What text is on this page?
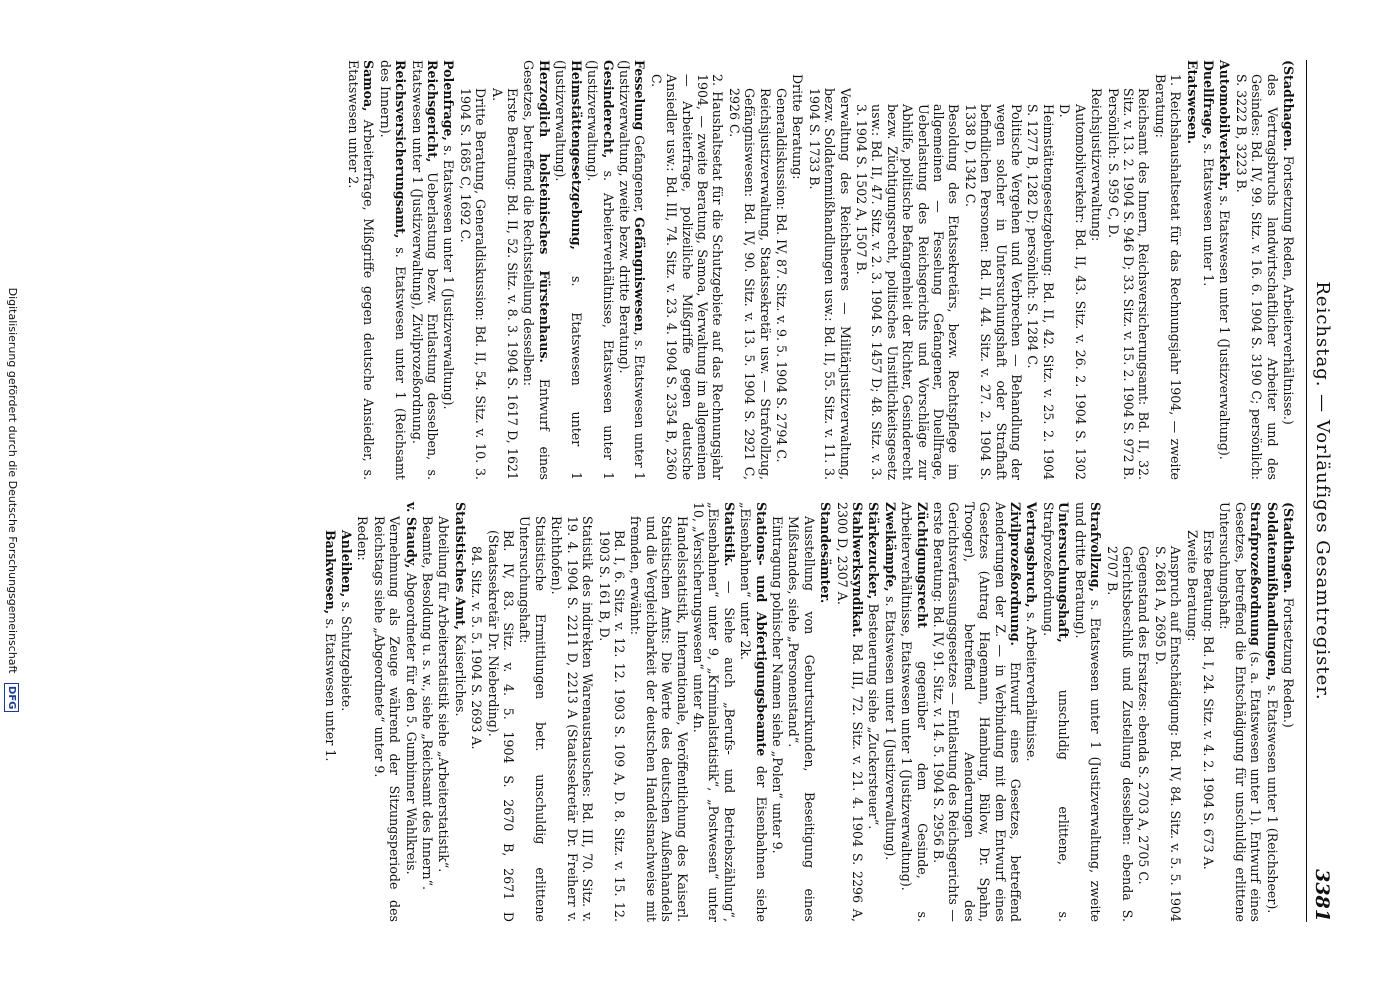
Reichstag. — Vorläufiges Gesamtregister.
3381
(Stadthagen. Fortsetzung Reden, Arbeiterverhältnisse.)
des Vertragsbruchs landwirtschaftlicher Arbeiter und des Gesindes: Bd. IV, 99. Sitz. v. 16. 6. 1904 S. 3190 C; persönlich: S. 3222 B, 3223 B.
Automobilverkehr, s. Etatswesen unter 1 (Justizverwaltung).
Duellfrage, s. Etatswesen unter 1.
Etatswesen.
1. Reichshaushaltsetat für das Rechnungsjahr 1904, — zweite Beratung:
Reichsamt des Innern, Reichsversicherungsamt: Bd. II, 32. Sitz. v. 13. 2. 1904 S. 946 D; 33. Sitz. v. 15. 2. 1904 S. 972 B. Persönlich: S. 959 C, D.
Reichsjustizverwaltung:
Automobilverkehr: Bd. II, 43. Sitz. v. 26. 2. 1904 S. 1302 D.
Heimstättengesetzgebung: Bd. II, 42. Sitz. v. 25. 2. 1904 S. 1277 B, 1282 D; persönlich: S. 1284 C.
Politische Vergehen und Verbrechen — Behandlung der wegen solcher in Untersuchungshaft oder Strafhaft befindlichen Personen: Bd. II, 44. Sitz. v. 27. 2. 1904 S. 1338 D, 1342 C.
Besoldung des Etatssekretärs, bezw. Rechtspflege im allgemeinen — Fesselung Gefangener, Duellfrage, Ueberlastung des Reichsgerichts und Vorschläge zur Abhilfe, politische Befangenheit der Richter, Gesinderecht bezw. Züchtigungsrecht, politisches Unsittlichkeitsgesetz usw.: Bd. II, 47. Sitz. v. 2. 3. 1904 S. 1457 D; 48. Sitz. v. 3. 3. 1904 S. 1502 A, 1507 B.
Verwaltung des Reichsheeres — Militärjustizverwaltung, bezw. Soldatenmißhandlungen usw.: Bd. II, 55. Sitz. v. 11. 3. 1904 S. 1733 B.
Dritte Beratung:
Generaldiskussion: Bd. IV, 87. Sitz. v. 9. 5. 1904 S. 2794 C.
Reichsjustizverwaltung, Staatssekretär usw. — Strafvollzug, Gefängniswesen: Bd. IV, 90. Sitz. v. 13. 5. 1904 S. 2921 C, 2926 C.
2. Haushaltsetat für die Schutzgebiete auf das Rechnungsjahr 1904, — zweite Beratung, Samoa, Verwaltung im allgemeinen — Arbeiterfrage, polizeiliche Mißgriffe gegen deutsche Ansiedler usw.: Bd. III, 74. Sitz. v. 23. 4. 1904 S. 2354 B, 2360 C.
Fesselung Gefangener, Gefängniswesen, s. Etatswesen unter 1 (Justizverwaltung, zweite bezw. dritte Beratung).
Gesinderecht, s. Arbeiterverhältnisse, Etatswesen unter 1 (Justizverwaltung).
Heimstättengesetzgebung, s. Etatswesen unter 1 (Justizverwaltung).
Herzoglich holsteinisches Fürstenhaus. Entwurf eines Gesetzes, betreffend die Rechtsstellung desselben:
Erste Beratung: Bd. II, 52. Sitz. v. 8. 3. 1904 S. 1617 D, 1621 A.
Dritte Beratung, Generaldiskussion: Bd. II, 54. Sitz. v. 10. 3. 1904 S. 1685 C, 1692 C.
Polenfrage, s. Etatswesen unter 1 (Justizverwaltung).
Reichsgericht, Ueberlastung bezw. Entlastung desselben, s. Etatswesen unter 1 (Justizverwaltung), Zivilprozeßordnung.
Reichsversicherungsamt, s. Etatswesen unter 1 (Reichsamt des Innern).
Samoa, Arbeiterfrage, Mißgriffe gegen deutsche Ansiedler, s. Etatswesen unter 2.
(Stadthagen. Fortsetzung Reden.)
Soldatenmißhandlungen, s. Etatswesen unter 1 (Reichsheer).
Strafprozeßordnung (s. a. Etatswesen unter 1). Entwurf eines Gesetzes, betreffend die Entschädigung für unschuldig erlittene Untersuchungshaft:
Erste Beratung: Bd. I, 24. Sitz. v. 4. 2. 1904 S. 673 A.
Zweite Beratung:
Anspruch auf Entschädigung: Bd. IV, 84. Sitz. v. 5. 5. 1904 S. 2681 A, 2695 D.
Gegenstand des Ersatzes: ebenda S. 2703 A, 2705 C.
Gerichtsbeschluß und Zustellung desselben: ebenda S. 2707 B.
Strafvollzug, s. Etatswesen unter 1 (Justizverwaltung, zweite und dritte Beratung).
Untersuchungshaft, unschuldig erlittene, s. Strafprozeßordnung.
Vertragsbruch, s. Arbeiterverhältnisse.
Zivilprozeßordnung. Entwurf eines Gesetzes, betreffend Aenderungen der Z. — in Verbindung mit dem Entwurf eines Gesetzes (Antrag Hagemann, Hamburg, Bülow, Dr. Spahn, Trooger), betreffend Aenderungen des Gerichtsverfassungsgesetzes — Entlastung des Reichsgerichts — erste Beratung: Bd. IV, 91. Sitz. v. 14. 5. 1904 S. 2956 B.
Züchtigungsrecht gegenüber dem Gesinde, s. Arbeiterverhältnisse, Etatswesen unter 1 (Justizverwaltung).
Zweikämpfe, s. Etatswesen unter 1 (Justizverwaltung).
Stärkezucker, Besteuerung siehe „Zuckersteuer“.
Stahlwerksyndikat. Bd. III, 72. Sitz. v. 21. 4. 1904 S. 2296 A, 2300 D, 2307 A.
Standesämter.
Ausstellung von Geburtsurkunden, Beseitigung eines Mißstandes, siehe „Personenstand“.
Eintragung polnischer Namen siehe „Polen“ unter 9.
Stations- und Abfertigungsbeamte der Eisenbahnen siehe „Eisenbahnen“ unter 2k.
Statistik. — Siehe auch „Berufs- und Betriebszählung“, „Eisenbahnen“ unter 9, „Kriminalstatistik“, „Postwesen“ unter 10, „Versicherungswesen“ unter 4n.
Handelsstatistik, Internationale, Veröffentlichung des Kaiserl. Statistischen Amts: Die Werte des deutschen Außenhandels und die Vergleichbarkeit der deutschen Handelsnachweise mit fremden, erwähnt:
Bd. I, 6. Sitz. v. 12. 12. 1903 S. 109 A, D. 8. Sitz. v. 15. 12. 1903 S. 161 B, D.
Statistik des indirekten Warenaustausches: Bd. III, 70. Sitz. v. 19. 4. 1904 S. 2211 D, 2213 A (Staatssekretär Dr. Freiherr v. Richthofen).
Statistische Ermittlungen betr. unschuldig erlittene Untersuchungshaft:
Bd. IV, 83. Sitz. v. 4. 5. 1904 S. 2670 B, 2671 D (Staatssekretär Dr. Nieberding).
84. Sitz. v. 5. 5. 1904 S. 2693 A.
Statistisches Amt, Kaiserliches.
Abteilung für Arbeiterstatistik siehe „Arbeiterstatistik“.
Beamte, Besoldung u. s. w., siehe „Reichsamt des Innern“.
v. Staudy, Abgeordneter für den 5. Gumbinner Wahlkreis.
Vernehmung als Zeuge während der Sitzungsperiode des Reichstags siehe „Abgeordnete“ unter 9.
Reden:
Anleihen, s. Schutzgebiete.
Bankwesen, s. Etatswesen unter 1.
Digitalisierung gefördert durch die Deutsche Forschungsgemeinschaft DFG
